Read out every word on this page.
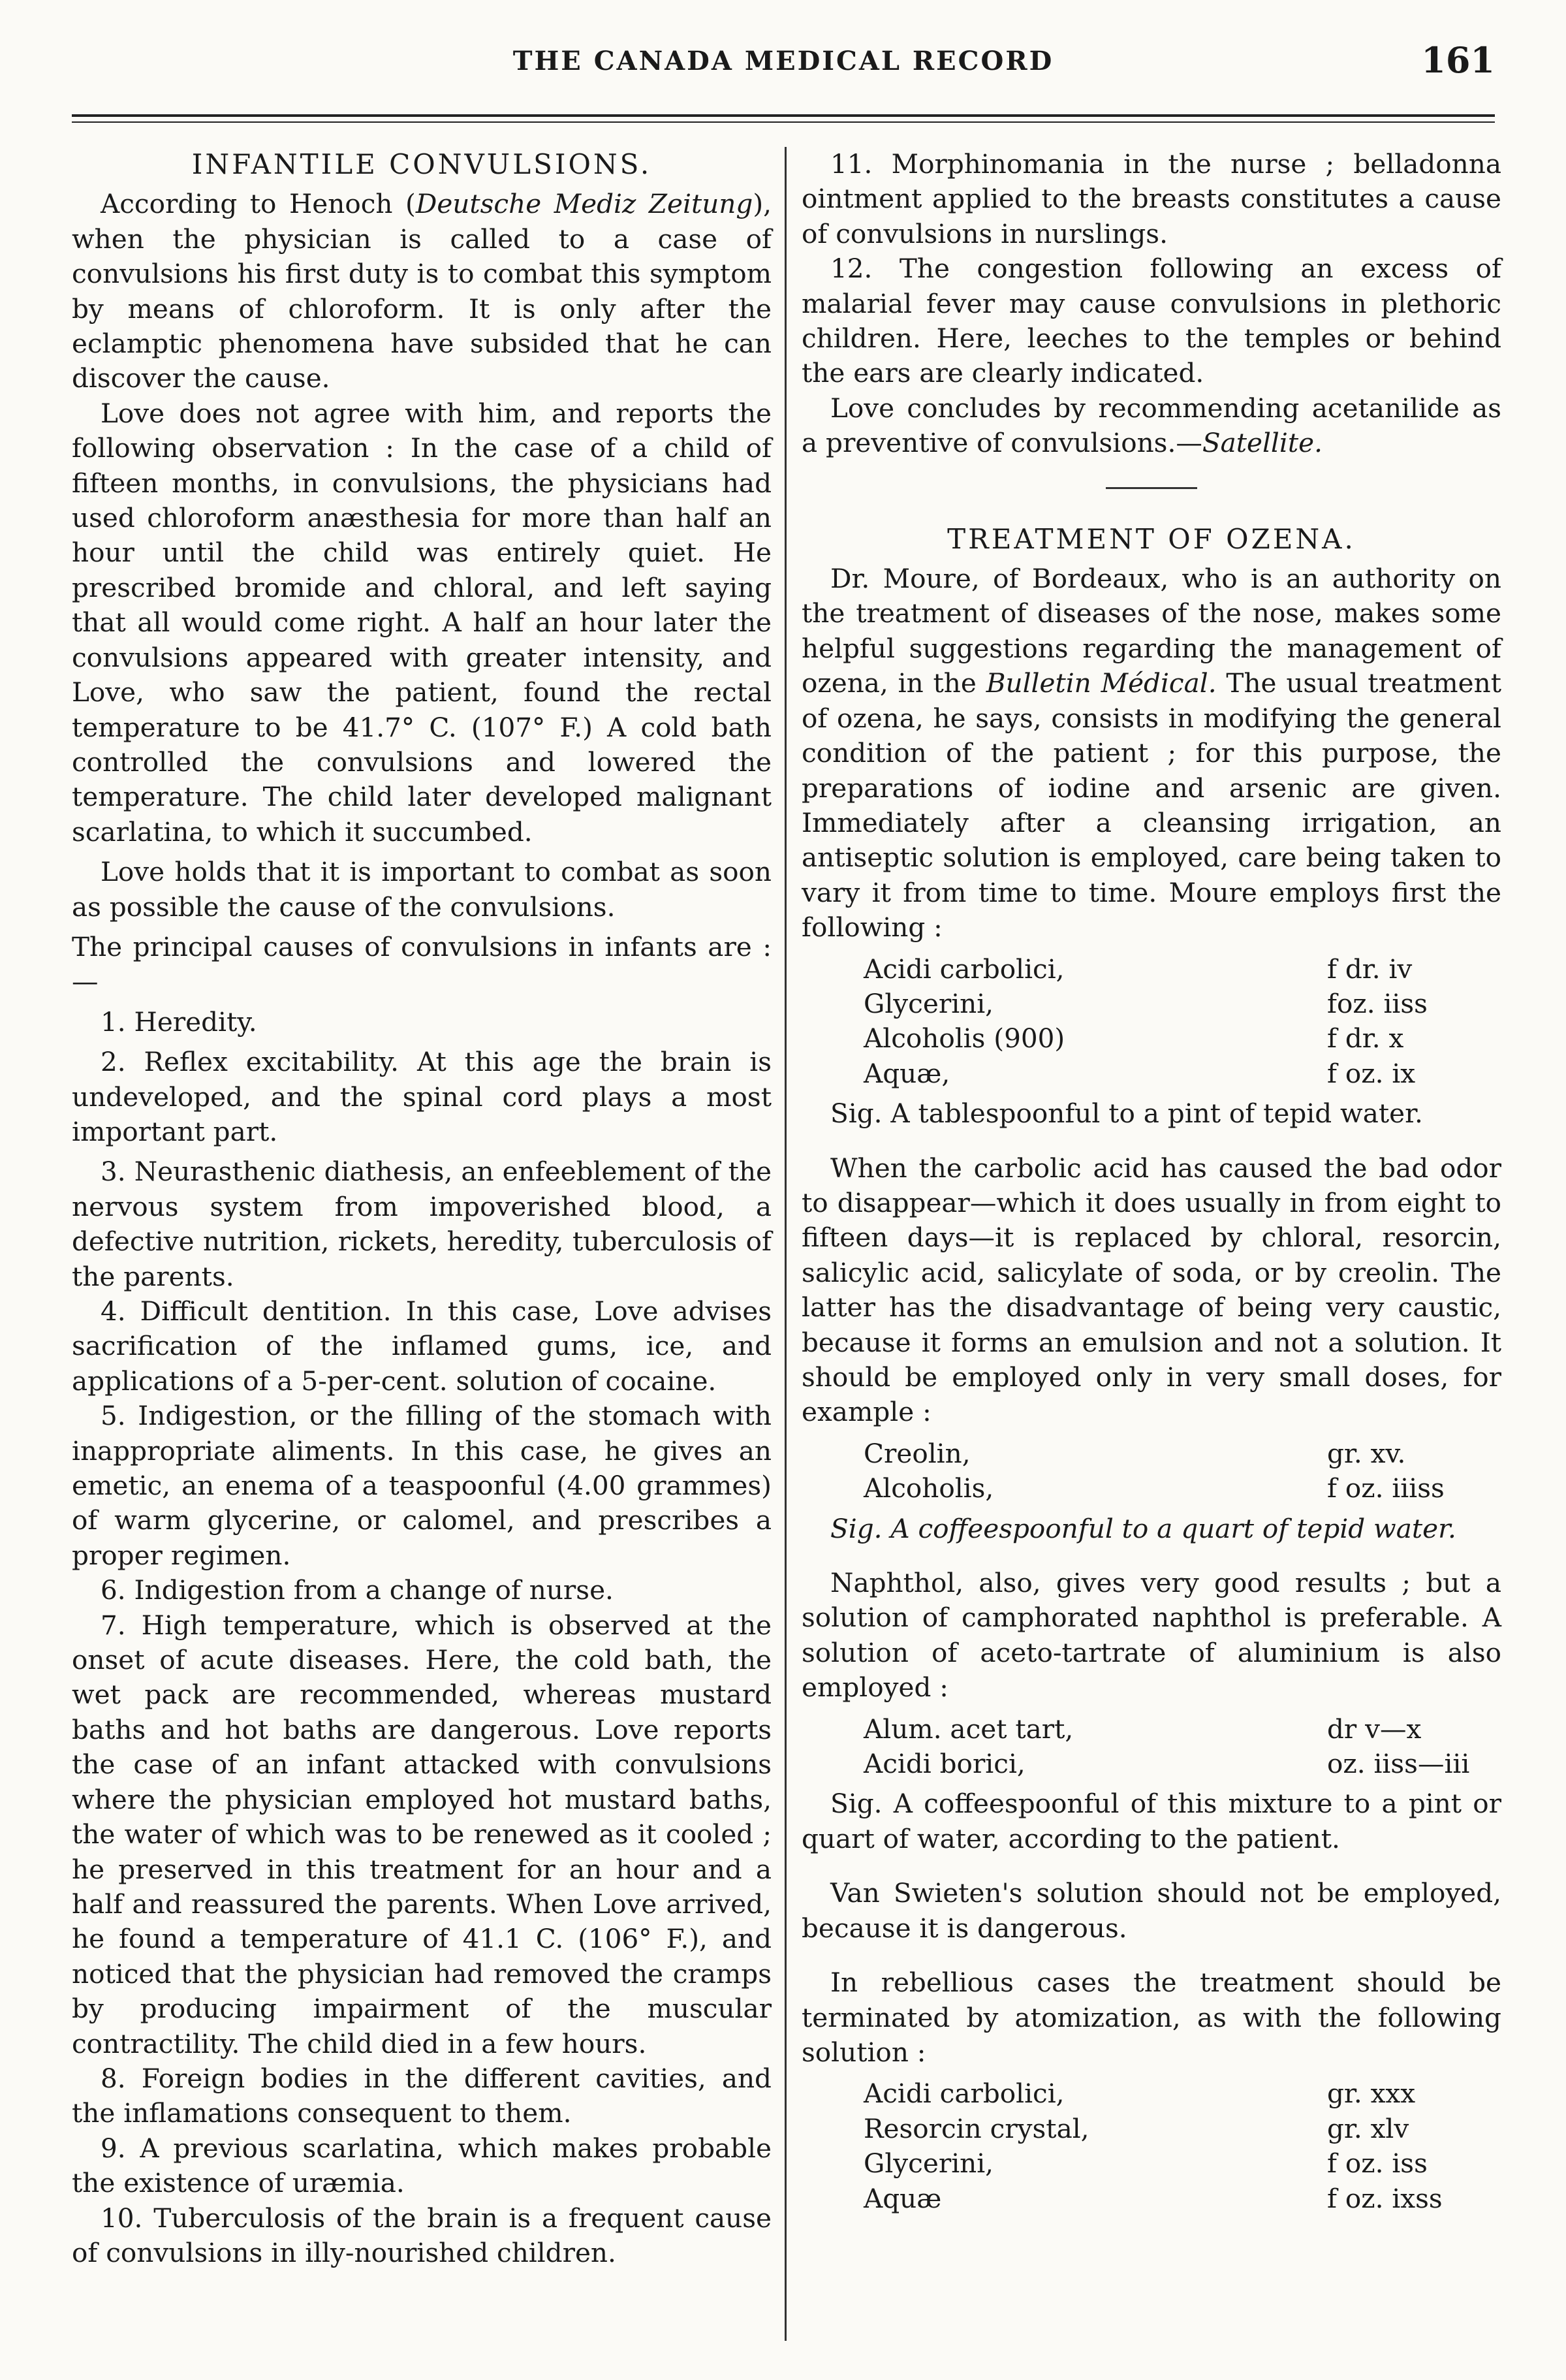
THE CANADA MEDICAL RECORD	161
INFANTILE CONVULSIONS.

According to Henoch (Deutsche Mediz Zeitung), when the physician is called to a case of convulsions his first duty is to combat this symptom by means of chloroform. It is only after the eclamptic phenomena have subsided that he can discover the cause.

Love does not agree with him, and reports the following observation : In the case of a child of fifteen months, in convulsions, the physicians had used chloroform anæsthesia for more than half an hour until the child was entirely quiet. He prescribed bromide and chloral, and left saying that all would come right. A half an hour later the convulsions appeared with greater intensity, and Love, who saw the patient, found the rectal temperature to be 41.7° C. (107° F.) A cold bath controlled the convulsions and lowered the temperature. The child later developed malignant scarlatina, to which it succumbed.

Love holds that it is important to combat as soon as possible the cause of the convulsions.

The principal causes of convulsions in infants are :—

1. Heredity.

2. Reflex excitability. At this age the brain is undeveloped, and the spinal cord plays a most important part.

3. Neurasthenic diathesis, an enfeeblement of the nervous system from impoverished blood, a defective nutrition, rickets, heredity, tuberculosis of the parents.

4. Difficult dentition. In this case, Love advises sacrification of the inflamed gums, ice, and applications of a 5-per-cent. solution of cocaine.

5. Indigestion, or the filling of the stomach with inappropriate aliments. In this case, he gives an emetic, an enema of a teaspoonful (4.00 grammes) of warm glycerine, or calomel, and prescribes a proper regimen.

6. Indigestion from a change of nurse.

7. High temperature, which is observed at the onset of acute diseases. Here, the cold bath, the wet pack are recommended, whereas mustard baths and hot baths are dangerous. Love reports the case of an infant attacked with convulsions where the physician employed hot mustard baths, the water of which was to be renewed as it cooled ; he preserved in this treatment for an hour and a half and reassured the parents. When Love arrived, he found a temperature of 41.1 C. (106° F.), and noticed that the physician had removed the cramps by producing impairment of the muscular contractility. The child died in a few hours.

8. Foreign bodies in the different cavities, and the inflamations consequent to them.

9. A previous scarlatina, which makes probable the existence of uræmia.

10. Tuberculosis of the brain is a frequent cause of convulsions in illy-nourished children.

11. Morphinomania in the nurse ; belladonna ointment applied to the breasts constitutes a cause of convulsions in nurslings.

12. The congestion following an excess of malarial fever may cause convulsions in plethoric children. Here, leeches to the temples or behind the ears are clearly indicated.

Love concludes by recommending acetanilide as a preventive of convulsions.—Satellite.

TREATMENT OF OZENA.

Dr. Moure, of Bordeaux, who is an authority on the treatment of diseases of the nose, makes some helpful suggestions regarding the management of ozena, in the Bulletin Médical. The usual treatment of ozena, he says, consists in modifying the general condition of the patient ; for this purpose, the preparations of iodine and arsenic are given. Immediately after a cleansing irrigation, an antiseptic solution is employed, care being taken to vary it from time to time. Moure employs first the following :

Acidi carbolici,	f dr. iv
Glycerini,	foz. iiss
Alcoholis (900)	f dr. x
Aquæ,	f oz. ix

Sig. A tablespoonful to a pint of tepid water.

When the carbolic acid has caused the bad odor to disappear—which it does usually in from eight to fifteen days—it is replaced by chloral, resorcin, salicylic acid, salicylate of soda, or by creolin. The latter has the disadvantage of being very caustic, because it forms an emulsion and not a solution. It should be employed only in very small doses, for example :

Creolin,	gr. xv.
Alcoholis,	f oz. iiiss

Sig. A coffeespoonful to a quart of tepid water.

Naphthol, also, gives very good results ; but a solution of camphorated naphthol is preferable. A solution of aceto-tartrate of aluminium is also employed :

Alum. acet tart,	dr v—x
Acidi borici,	oz. iiss—iii

Sig. A coffeespoonful of this mixture to a pint or quart of water, according to the patient.

Van Swieten's solution should not be employed, because it is dangerous.

In rebellious cases the treatment should be terminated by atomization, as with the following solution :

Acidi carbolici,	gr. xxx
Resorcin crystal,	gr. xlv
Glycerini,	f oz. iss
Aquæ	f oz. ixss
